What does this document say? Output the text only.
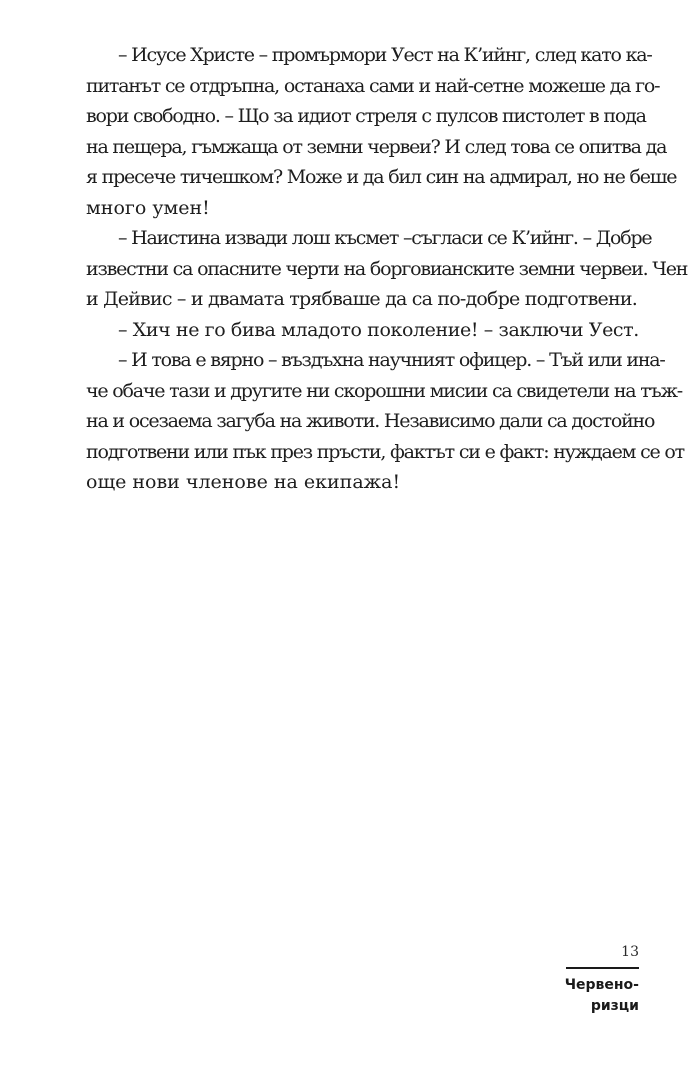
– Исусе Христе – промърмори Уест на К’ийнг, след като ка-
питанът се отдръпна, останаха сами и най-сетне можеше да го-
вори свободно. – Що за идиот стреля с пулсов пистолет в пода
на пещера, гъмжаща от земни червеи? И след това се опитва да
я пресече тичешком? Може и да бил син на адмирал, но не беше
много умен!

– Наистина извади лош късмет –съгласи се К’ийнг. – Добре
известни са опасните черти на борговианските земни червеи. Чен
и Дейвис – и двамата трябваше да са по-добре подготвени.

– Хич не го бива младото поколение! – заключи Уест.

– И това е вярно – въздъхна научният офицер. – Тъй или ина-
че обаче тази и другите ни скорошни мисии са свидетели на тъж-
на и осезаема загуба на животи. Независимо дали са достойно
подготвени или пък през пръсти, фактът си е факт: нуждаем се от
още нови членове на екипажа!

13
Червено-
ризци
